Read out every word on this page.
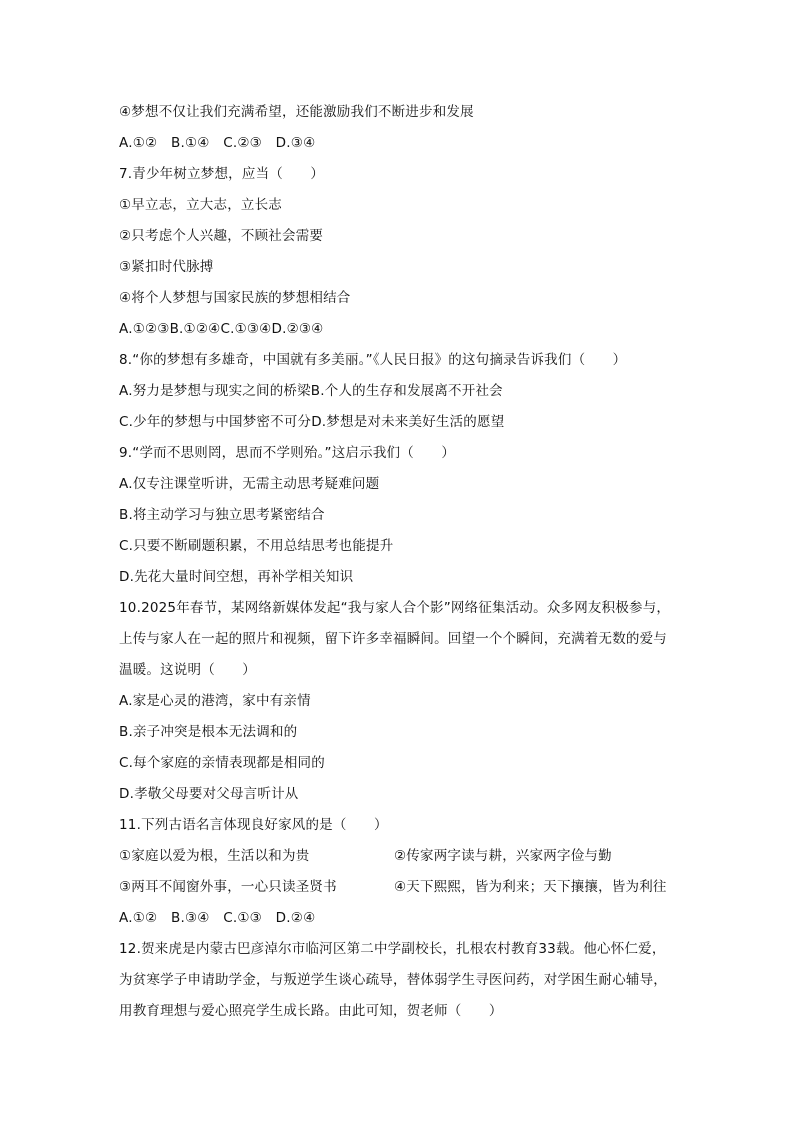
④梦想不仅让我们充满希望，还能激励我们不断进步和发展
A.①②　B.①④　C.②③　D.③④
7.青少年树立梦想，应当（　　）
①早立志，立大志，立长志
②只考虑个人兴趣，不顾社会需要
③紧扣时代脉搏
④将个人梦想与国家民族的梦想相结合
A.①②③B.①②④C.①③④D.②③④
8.“你的梦想有多雄奇，中国就有多美丽。”《人民日报》的这句摘录告诉我们（　　）
A.努力是梦想与现实之间的桥梁B.个人的生存和发展离不开社会
C.少年的梦想与中国梦密不可分D.梦想是对未来美好生活的愿望
9.“学而不思则罔，思而不学则殆。”这启示我们（　　）
A.仅专注课堂听讲，无需主动思考疑难问题
B.将主动学习与独立思考紧密结合
C.只要不断刷题积累，不用总结思考也能提升
D.先花大量时间空想，再补学相关知识
10.2025年春节，某网络新媒体发起“我与家人合个影”网络征集活动。众多网友积极参与，
上传与家人在一起的照片和视频，留下许多幸福瞬间。回望一个个瞬间，充满着无数的爱与
温暖。这说明（　　）
A.家是心灵的港湾，家中有亲情
B.亲子冲突是根本无法调和的
C.每个家庭的亲情表现都是相同的
D.孝敬父母要对父母言听计从
11.下列古语名言体现良好家风的是（　　）
①家庭以爱为根，生活以和为贵	②传家两字读与耕，兴家两字俭与勤
③两耳不闻窗外事，一心只读圣贤书	④天下熙熙，皆为利来；天下攘攘，皆为利往
A.①②　B.③④　C.①③　D.②④
12.贺来虎是内蒙古巴彦淖尔市临河区第二中学副校长，扎根农村教育33载。他心怀仁爱，
为贫寒学子申请助学金，与叛逆学生谈心疏导，替体弱学生寻医问药，对学困生耐心辅导，
用教育理想与爱心照亮学生成长路。由此可知，贺老师（　　）
